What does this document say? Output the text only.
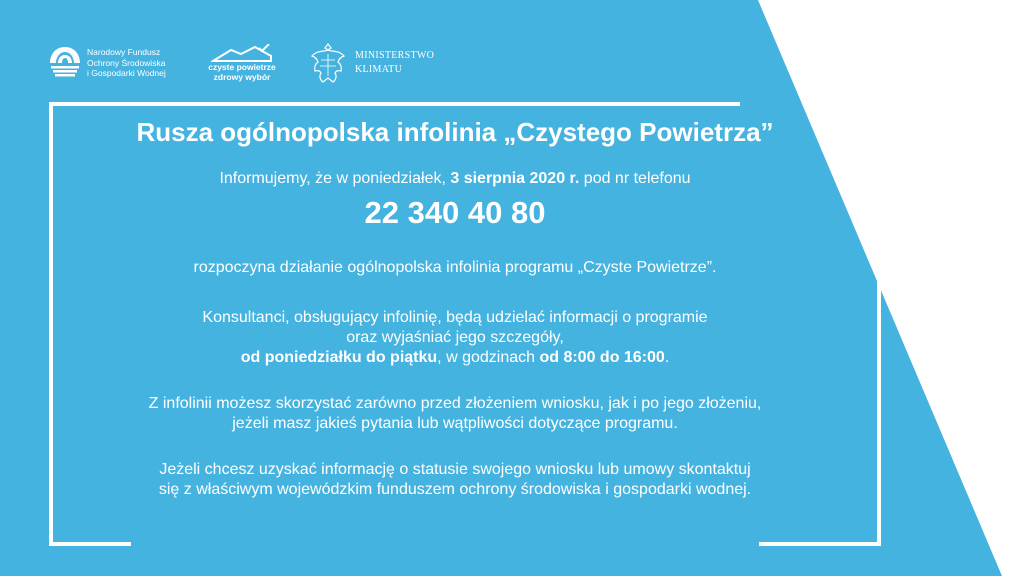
Narodowy Fundusz
Ochrony Środowiska
i Gospodarki Wodnej
czyste powietrze
zdrowy wybór
MINISTERSTWO
KLIMATU
Rusza ogólnopolska infolinia „Czystego Powietrza”
Informujemy, że w poniedziałek, 3 sierpnia 2020 r. pod nr telefonu
22 340 40 80
rozpoczyna działanie ogólnopolska infolinia programu „Czyste Powietrze”.
Konsultanci, obsługujący infolinię, będą udzielać informacji o programie
oraz wyjaśniać jego szczegóły,
od poniedziałku do piątku, w godzinach od 8:00 do 16:00.
Z infolinii możesz skorzystać zarówno przed złożeniem wniosku, jak i po jego złożeniu,
jeżeli masz jakieś pytania lub wątpliwości dotyczące programu.
Jeżeli chcesz uzyskać informację o statusie swojego wniosku lub umowy skontaktuj
się z właściwym wojewódzkim funduszem ochrony środowiska i gospodarki wodnej.
